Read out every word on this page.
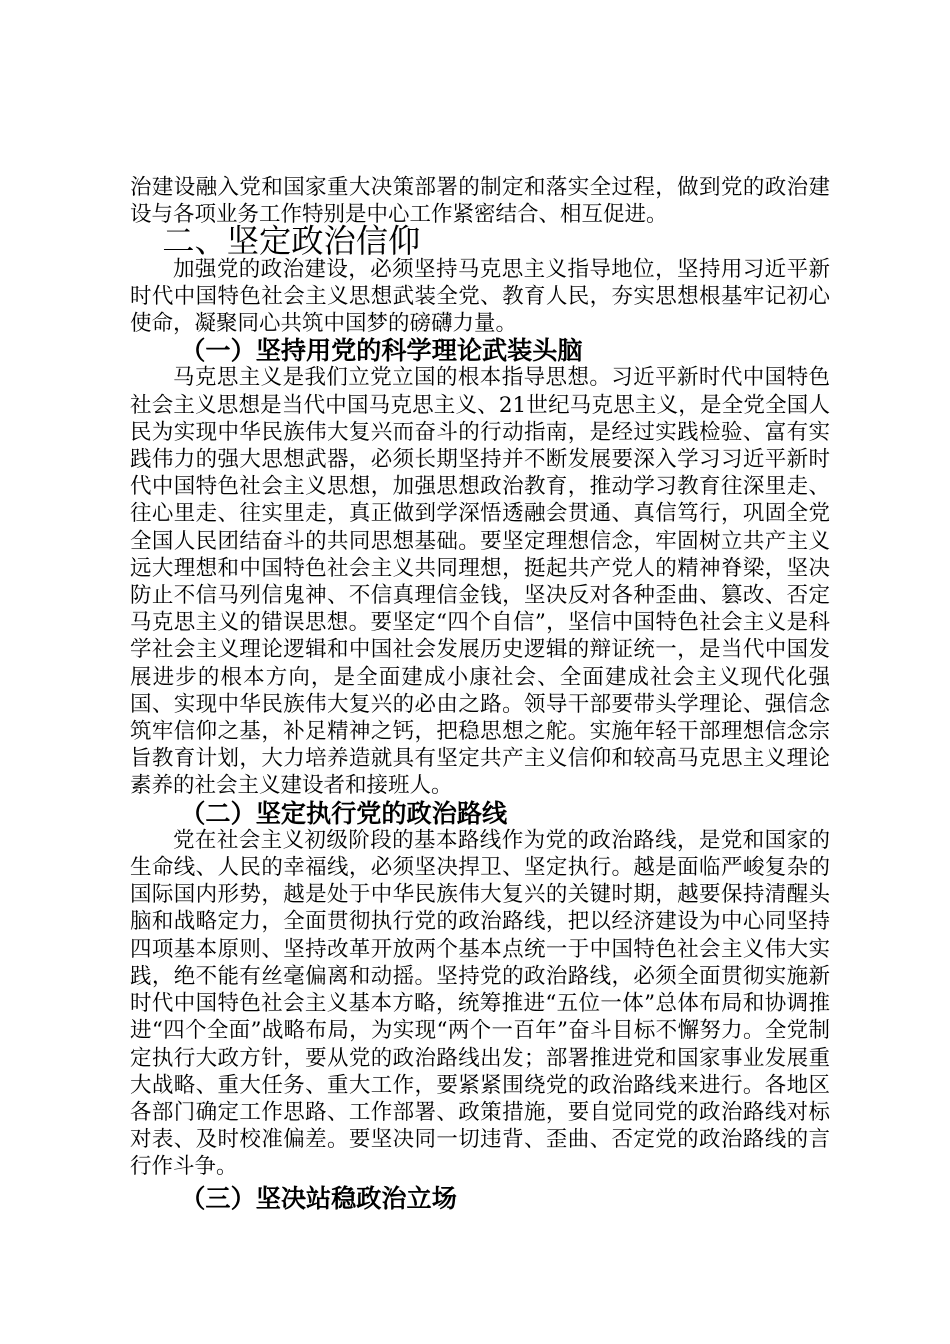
治建设融入党和国家重大决策部署的制定和落实全过程，做到党的政治建设与各项业务工作特别是中心工作紧密结合、相互促进。

二、坚定政治信仰

加强党的政治建设，必须坚持马克思主义指导地位，坚持用习近平新时代中国特色社会主义思想武装全党、教育人民，夯实思想根基牢记初心使命，凝聚同心共筑中国梦的磅礴力量。

（一）坚持用党的科学理论武装头脑

马克思主义是我们立党立国的根本指导思想。习近平新时代中国特色社会主义思想是当代中国马克思主义、21世纪马克思主义，是全党全国人民为实现中华民族伟大复兴而奋斗的行动指南，是经过实践检验、富有实践伟力的强大思想武器，必须长期坚持并不断发展要深入学习习近平新时代中国特色社会主义思想，加强思想政治教育，推动学习教育往深里走、往心里走、往实里走，真正做到学深悟透融会贯通、真信笃行，巩固全党全国人民团结奋斗的共同思想基础。要坚定理想信念，牢固树立共产主义远大理想和中国特色社会主义共同理想，挺起共产党人的精神脊梁，坚决防止不信马列信鬼神、不信真理信金钱，坚决反对各种歪曲、篡改、否定马克思主义的错误思想。要坚定“四个自信”，坚信中国特色社会主义是科学社会主义理论逻辑和中国社会发展历史逻辑的辩证统一，是当代中国发展进步的根本方向，是全面建成小康社会、全面建成社会主义现代化强国、实现中华民族伟大复兴的必由之路。领导干部要带头学理论、强信念筑牢信仰之基，补足精神之钙，把稳思想之舵。实施年轻干部理想信念宗旨教育计划，大力培养造就具有坚定共产主义信仰和较高马克思主义理论素养的社会主义建设者和接班人。

（二）坚定执行党的政治路线

党在社会主义初级阶段的基本路线作为党的政治路线，是党和国家的生命线、人民的幸福线，必须坚决捍卫、坚定执行。越是面临严峻复杂的国际国内形势，越是处于中华民族伟大复兴的关键时期，越要保持清醒头脑和战略定力，全面贯彻执行党的政治路线，把以经济建设为中心同坚持四项基本原则、坚持改革开放两个基本点统一于中国特色社会主义伟大实践，绝不能有丝毫偏离和动摇。坚持党的政治路线，必须全面贯彻实施新时代中国特色社会主义基本方略，统筹推进“五位一体”总体布局和协调推进“四个全面”战略布局，为实现“两个一百年”奋斗目标不懈努力。全党制定执行大政方针，要从党的政治路线出发；部署推进党和国家事业发展重大战略、重大任务、重大工作，要紧紧围绕党的政治路线来进行。各地区各部门确定工作思路、工作部署、政策措施，要自觉同党的政治路线对标对表、及时校准偏差。要坚决同一切违背、歪曲、否定党的政治路线的言行作斗争。

（三）坚决站稳政治立场
